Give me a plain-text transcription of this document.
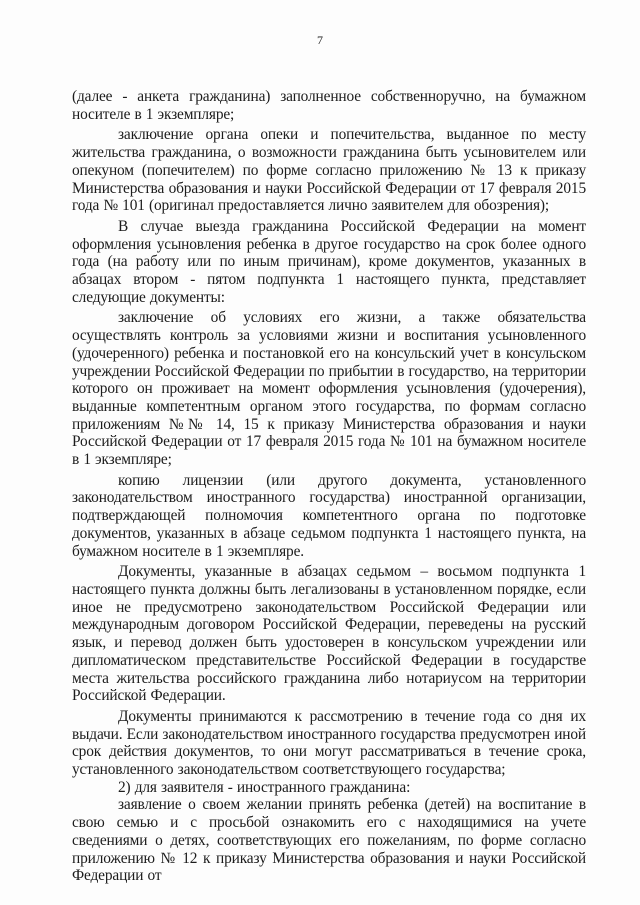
7

(далее - анкета гражданина) заполненное собственноручно, на бумажном носителе в 1 экземпляре;

заключение органа опеки и попечительства, выданное по месту жительства гражданина, о возможности гражданина быть усыновителем или опекуном (попечителем) по форме согласно приложению № 13 к приказу Министерства образования и науки Российской Федерации от 17 февраля 2015 года № 101 (оригинал предоставляется лично заявителем для обозрения);

В случае выезда гражданина Российской Федерации на момент оформления усыновления ребенка в другое государство на срок более одного года (на работу или по иным причинам), кроме документов, указанных в абзацах втором - пятом подпункта 1 настоящего пункта, представляет следующие документы:

заключение об условиях его жизни, а также обязательства осуществлять контроль за условиями жизни и воспитания усыновленного (удочеренного) ребенка и постановкой его на консульский учет в консульском учреждении Российской Федерации по прибытии в государство, на территории которого он проживает на момент оформления усыновления (удочерения), выданные компетентным органом этого государства, по формам согласно приложениям №№ 14, 15 к приказу Министерства образования и науки Российской Федерации от 17 февраля 2015 года № 101 на бумажном носителе в 1 экземпляре;

копию лицензии (или другого документа, установленного законодательством иностранного государства) иностранной организации, подтверждающей полномочия компетентного органа по подготовке документов, указанных в абзаце седьмом подпункта 1 настоящего пункта, на бумажном носителе в 1 экземпляре.

Документы, указанные в абзацах седьмом – восьмом подпункта 1 настоящего пункта должны быть легализованы в установленном порядке, если иное не предусмотрено законодательством Российской Федерации или международным договором Российской Федерации, переведены на русский язык, и перевод должен быть удостоверен в консульском учреждении или дипломатическом представительстве Российской Федерации в государстве места жительства российского гражданина либо нотариусом на территории Российской Федерации.

Документы принимаются к рассмотрению в течение года со дня их выдачи. Если законодательством иностранного государства предусмотрен иной срок действия документов, то они могут рассматриваться в течение срока, установленного законодательством соответствующего государства;

2) для заявителя - иностранного гражданина:

заявление о своем желании принять ребенка (детей) на воспитание в свою семью и с просьбой ознакомить его с находящимися на учете сведениями о детях, соответствующих его пожеланиям, по форме согласно приложению № 12 к приказу Министерства образования и науки Российской Федерации от
